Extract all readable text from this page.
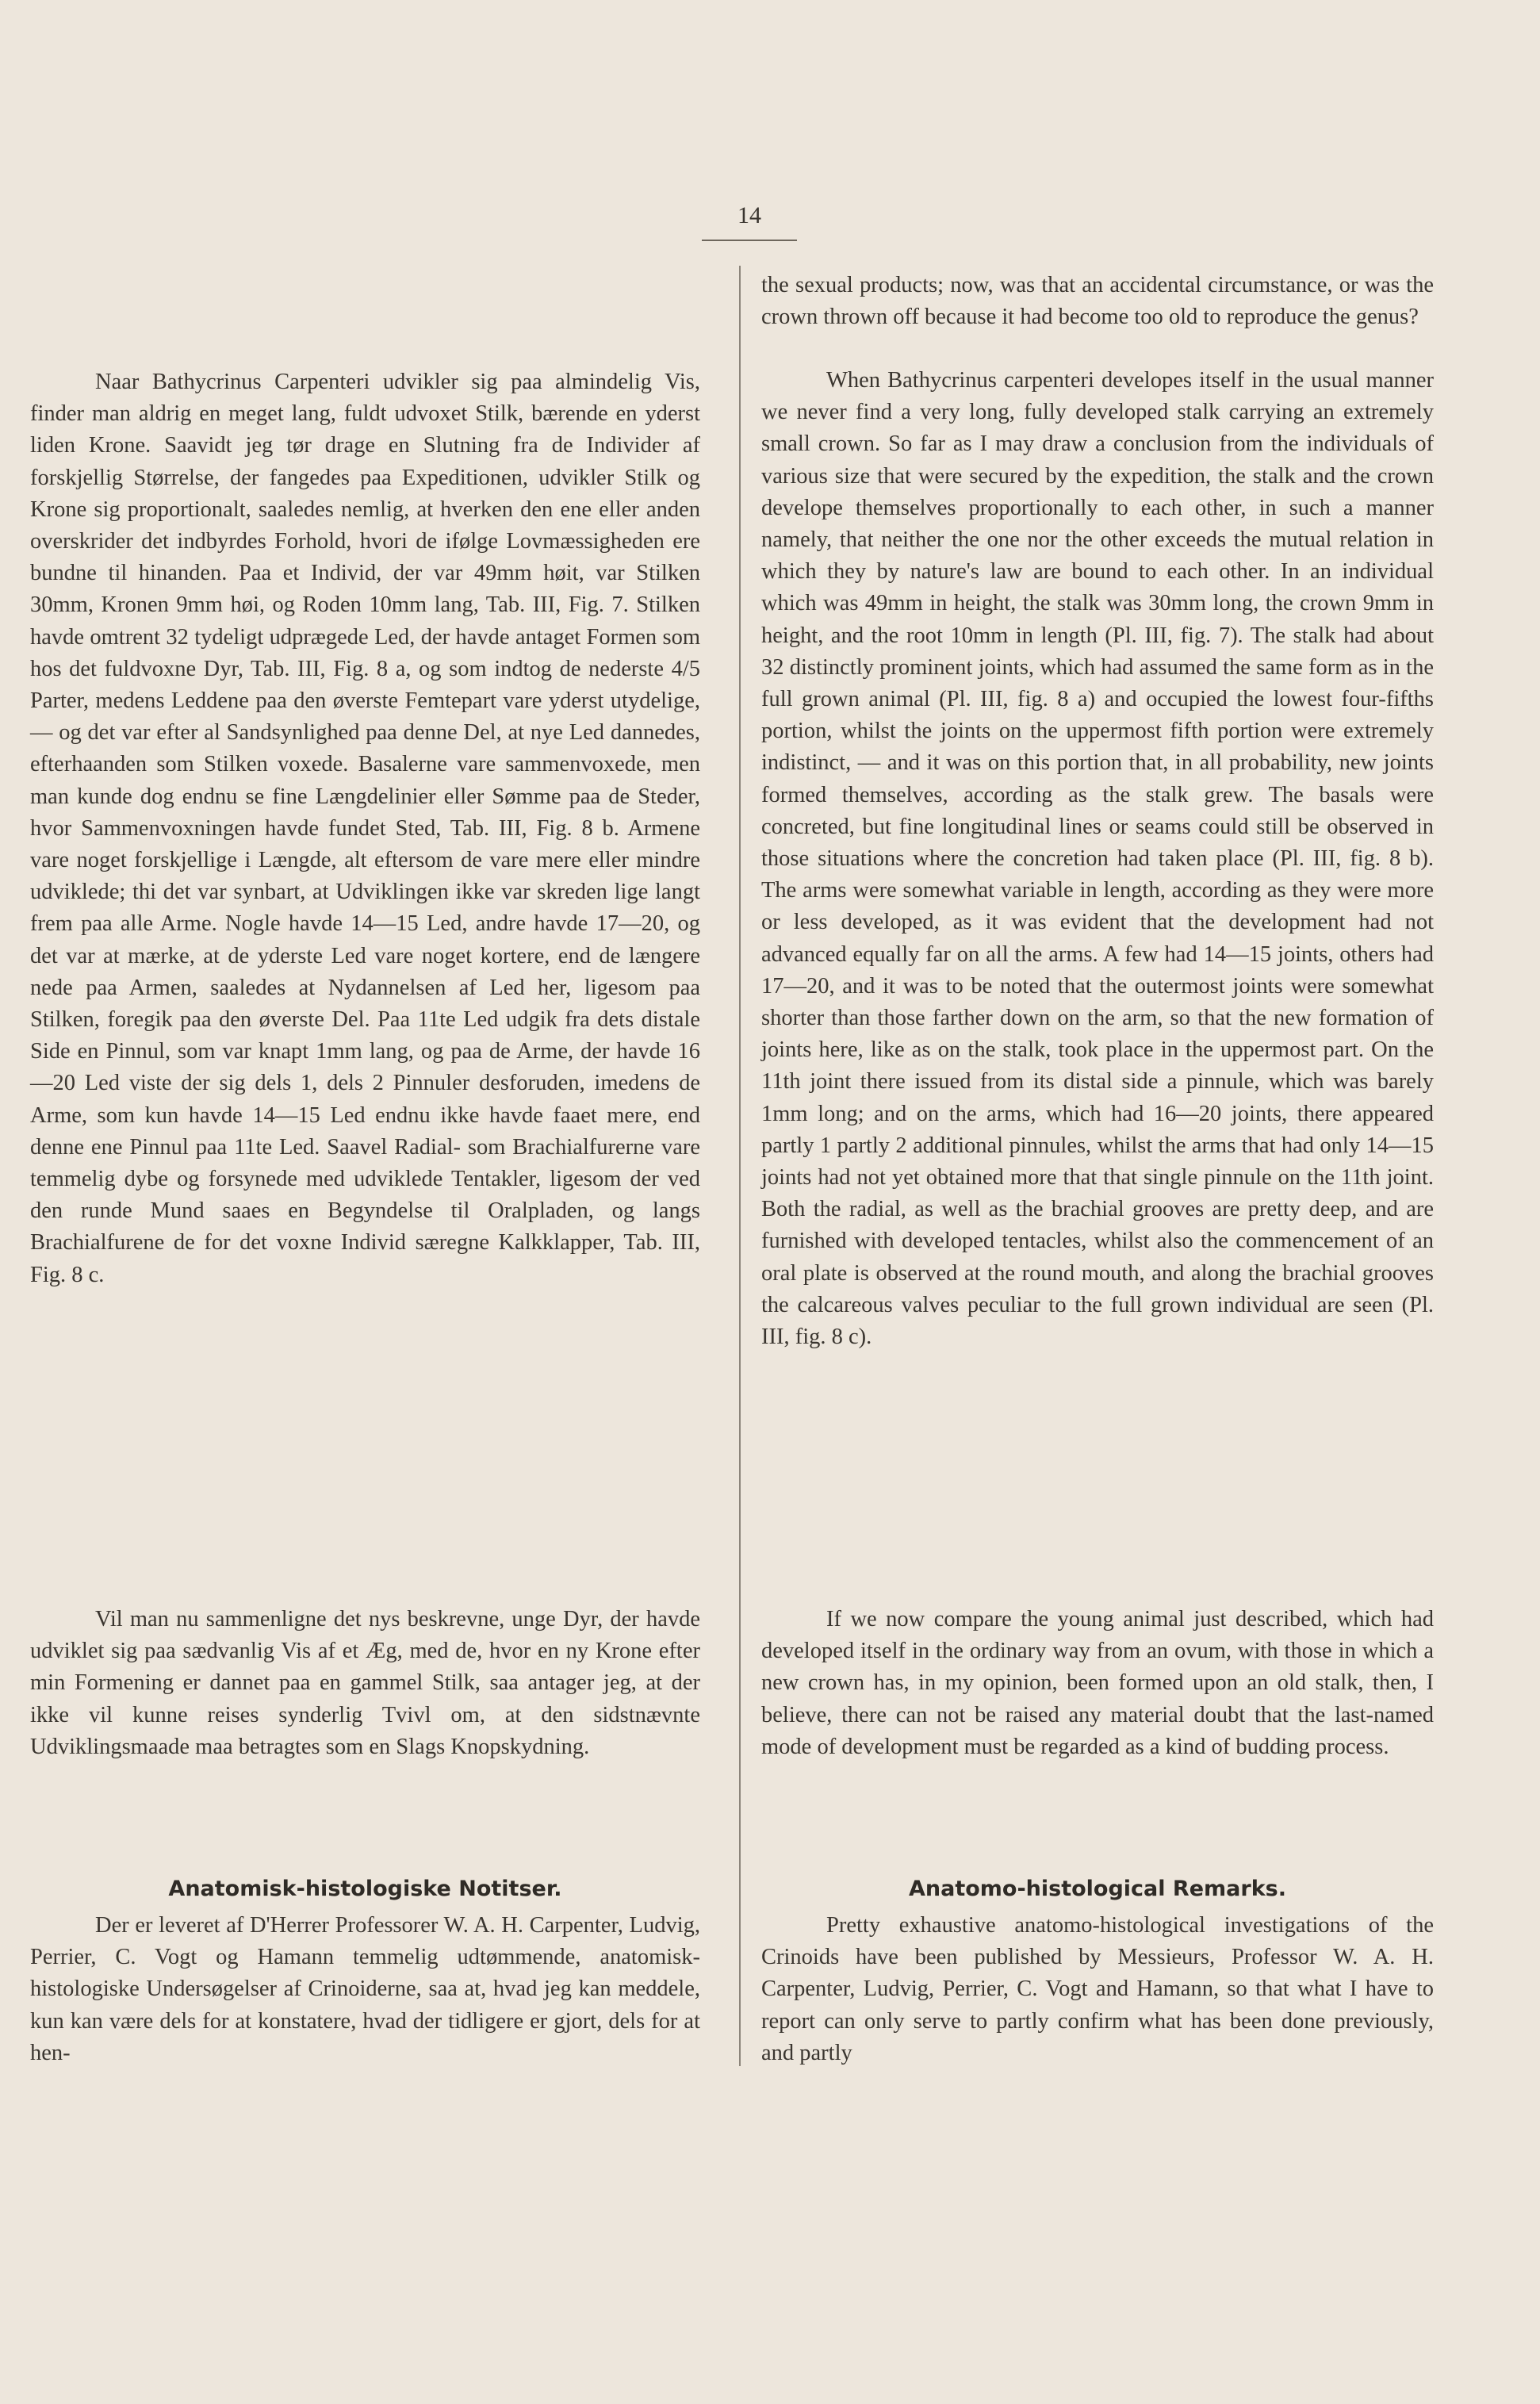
14

Naar Bathycrinus Carpenteri udvikler sig paa almindelig Vis, finder man aldrig en meget lang, fuldt udvoxet Stilk, bærende en yderst liden Krone. Saavidt jeg tør drage en Slutning fra de Individer af forskjellig Størrelse, der fangedes paa Expeditionen, udvikler Stilk og Krone sig proportionalt, saaledes nemlig, at hverken den ene eller anden overskrider det indbyrdes Forhold, hvori de ifølge Lovmæssigheden ere bundne til hinanden. Paa et Individ, der var 49mm høit, var Stilken 30mm, Kronen 9mm høi, og Roden 10mm lang, Tab. III, Fig. 7. Stilken havde omtrent 32 tydeligt udprægede Led, der havde antaget Formen som hos det fuldvoxne Dyr, Tab. III, Fig. 8 a, og som indtog de nederste 4/5 Parter, medens Leddene paa den øverste Femtepart vare yderst utydelige, — og det var efter al Sandsynlighed paa denne Del, at nye Led dannedes, efterhaanden som Stilken voxede. Basalerne vare sammenvoxede, men man kunde dog endnu se fine Længdelinier eller Sømme paa de Steder, hvor Sammenvoxningen havde fundet Sted, Tab. III, Fig. 8 b. Armene vare noget forskjellige i Længde, alt eftersom de vare mere eller mindre udviklede; thi det var synbart, at Udviklingen ikke var skreden lige langt frem paa alle Arme. Nogle havde 14—15 Led, andre havde 17—20, og det var at mærke, at de yderste Led vare noget kortere, end de længere nede paa Armen, saaledes at Nydannelsen af Led her, ligesom paa Stilken, foregik paa den øverste Del. Paa 11te Led udgik fra dets distale Side en Pinnul, som var knapt 1mm lang, og paa de Arme, der havde 16—20 Led viste der sig dels 1, dels 2 Pinnuler desforuden, imedens de Arme, som kun havde 14—15 Led endnu ikke havde faaet mere, end denne ene Pinnul paa 11te Led. Saavel Radial- som Brachialfurerne vare temmelig dybe og forsynede med udviklede Tentakler, ligesom der ved den runde Mund saaes en Begyndelse til Oralpladen, og langs Brachialfurene de for det voxne Individ særegne Kalkklapper, Tab. III, Fig. 8 c.

Vil man nu sammenligne det nys beskrevne, unge Dyr, der havde udviklet sig paa sædvanlig Vis af et Æg, med de, hvor en ny Krone efter min Formening er dannet paa en gammel Stilk, saa antager jeg, at der ikke vil kunne reises synderlig Tvivl om, at den sidstnævnte Udviklingsmaade maa betragtes som en Slags Knopskydning.

Anatomisk-histologiske Notitser.

Der er leveret af D'Herrer Professorer W. A. H. Carpenter, Ludvig, Perrier, C. Vogt og Hamann temmelig udtømmende, anatomisk-histologiske Undersøgelser af Crinoiderne, saa at, hvad jeg kan meddele, kun kan være dels for at konstatere, hvad der tidligere er gjort, dels for at hen-

the sexual products; now, was that an accidental circumstance, or was the crown thrown off because it had become too old to reproduce the genus?

When Bathycrinus carpenteri developes itself in the usual manner we never find a very long, fully developed stalk carrying an extremely small crown. So far as I may draw a conclusion from the individuals of various size that were secured by the expedition, the stalk and the crown develope themselves proportionally to each other, in such a manner namely, that neither the one nor the other exceeds the mutual relation in which they by nature's law are bound to each other. In an individual which was 49mm in height, the stalk was 30mm long, the crown 9mm in height, and the root 10mm in length (Pl. III, fig. 7). The stalk had about 32 distinctly prominent joints, which had assumed the same form as in the full grown animal (Pl. III, fig. 8 a) and occupied the lowest four-fifths portion, whilst the joints on the uppermost fifth portion were extremely indistinct, — and it was on this portion that, in all probability, new joints formed themselves, according as the stalk grew. The basals were concreted, but fine longitudinal lines or seams could still be observed in those situations where the concretion had taken place (Pl. III, fig. 8 b). The arms were somewhat variable in length, according as they were more or less developed, as it was evident that the development had not advanced equally far on all the arms. A few had 14—15 joints, others had 17—20, and it was to be noted that the outermost joints were somewhat shorter than those farther down on the arm, so that the new formation of joints here, like as on the stalk, took place in the uppermost part. On the 11th joint there issued from its distal side a pinnule, which was barely 1mm long; and on the arms, which had 16—20 joints, there appeared partly 1 partly 2 additional pinnules, whilst the arms that had only 14—15 joints had not yet obtained more that that single pinnule on the 11th joint. Both the radial, as well as the brachial grooves are pretty deep, and are furnished with developed tentacles, whilst also the commencement of an oral plate is observed at the round mouth, and along the brachial grooves the calcareous valves peculiar to the full grown individual are seen (Pl. III, fig. 8 c).

If we now compare the young animal just described, which had developed itself in the ordinary way from an ovum, with those in which a new crown has, in my opinion, been formed upon an old stalk, then, I believe, there can not be raised any material doubt that the last-named mode of development must be regarded as a kind of budding process.

Anatomo-histological Remarks.

Pretty exhaustive anatomo-histological investigations of the Crinoids have been published by Messieurs, Professor W. A. H. Carpenter, Ludvig, Perrier, C. Vogt and Hamann, so that what I have to report can only serve to partly confirm what has been done previously, and partly
